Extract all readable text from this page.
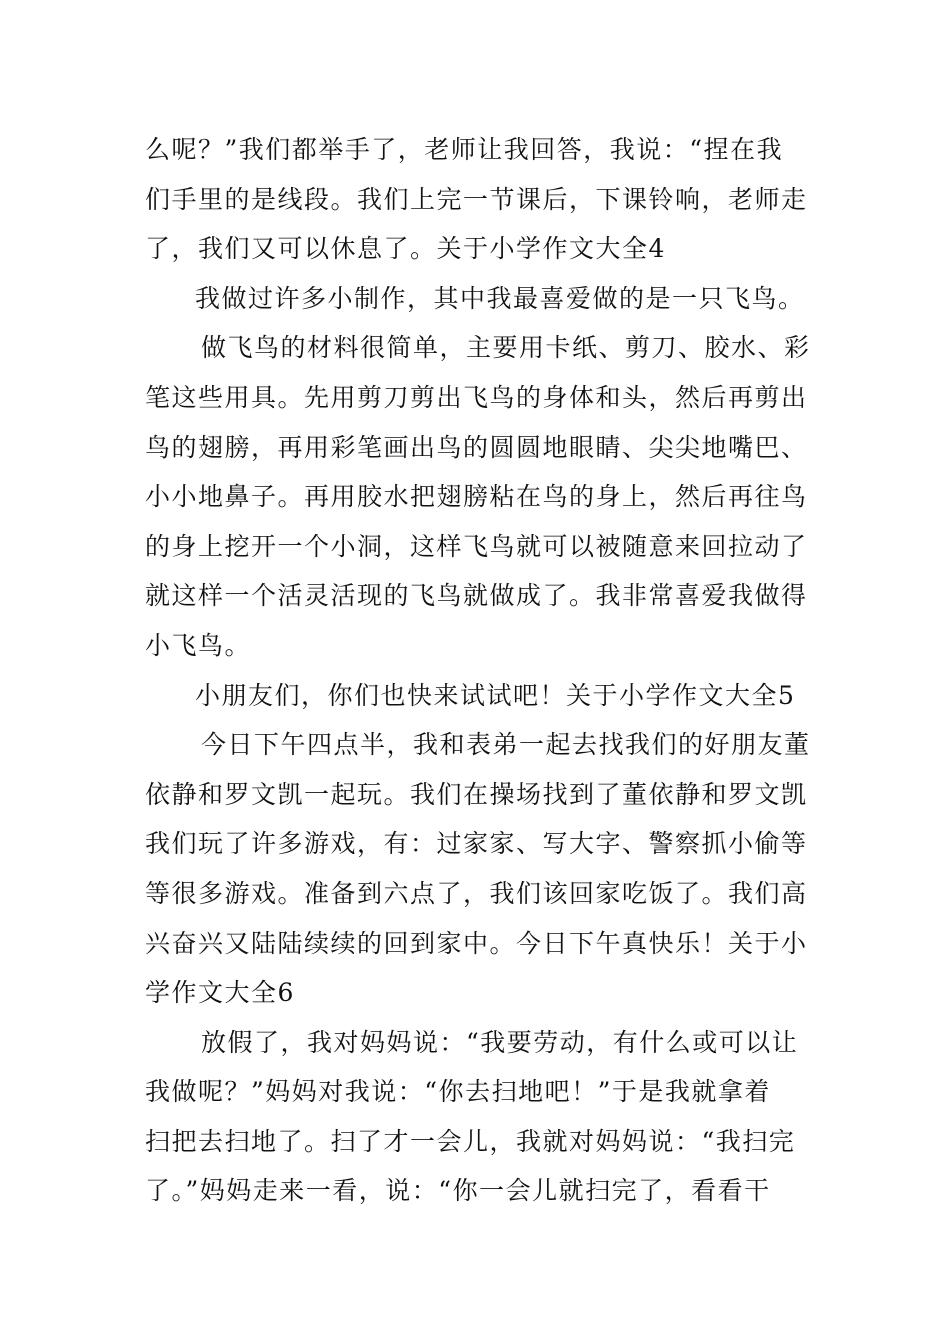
么呢？”我们都举手了，老师让我回答，我说：“捏在我
们手里的是线段。我们上完一节课后，下课铃响，老师走
了，我们又可以休息了。关于小学作文大全4
我做过许多小制作，其中我最喜爱做的是一只飞鸟。
做飞鸟的材料很简单，主要用卡纸、剪刀、胶水、彩
笔这些用具。先用剪刀剪出飞鸟的身体和头，然后再剪出
鸟的翅膀，再用彩笔画出鸟的圆圆地眼睛、尖尖地嘴巴、
小小地鼻子。再用胶水把翅膀粘在鸟的身上，然后再往鸟
的身上挖开一个小洞，这样飞鸟就可以被随意来回拉动了
就这样一个活灵活现的飞鸟就做成了。我非常喜爱我做得
小飞鸟。
小朋友们，你们也快来试试吧！关于小学作文大全5
今日下午四点半，我和表弟一起去找我们的好朋友董
依静和罗文凯一起玩。我们在操场找到了董依静和罗文凯
我们玩了许多游戏，有：过家家、写大字、警察抓小偷等
等很多游戏。准备到六点了，我们该回家吃饭了。我们高
兴奋兴又陆陆续续的回到家中。今日下午真快乐！关于小
学作文大全6
放假了，我对妈妈说：“我要劳动，有什么或可以让
我做呢？”妈妈对我说：“你去扫地吧！”于是我就拿着
扫把去扫地了。扫了才一会儿，我就对妈妈说：“我扫完
了。”妈妈走来一看，说：“你一会儿就扫完了，看看干
